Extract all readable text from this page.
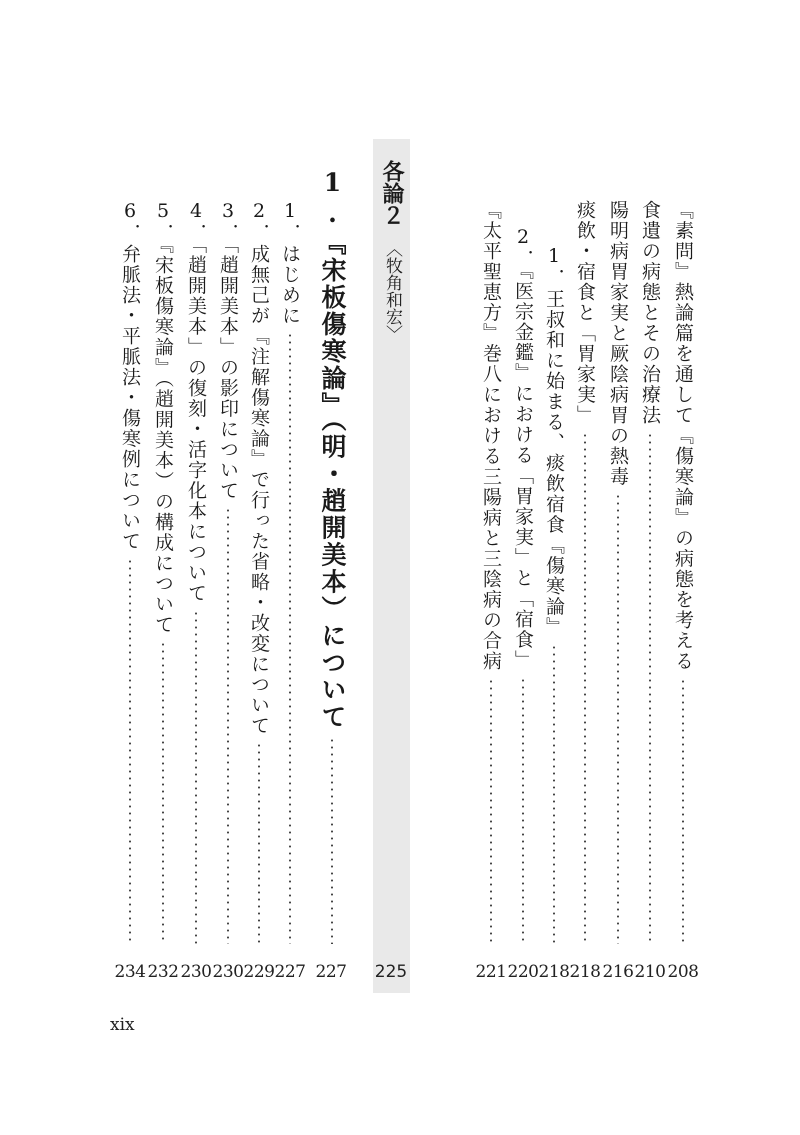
『素問』熱論篇を通して『傷寒論』の病態を考える
208
食遺の病態とその治療法
210
陽明病胃家実と厥陰病胃の熱毒
216
痰飲・宿食と「胃家実」
218
1．王叔和に始まる、痰飲宿食『傷寒論』
218
2．『医宗金鑑』における「胃家実」と「宿食」
220
『太平聖恵方』巻八における三陽病と三陰病の合病
221
各論２
〈牧角和宏〉
225
1.『宋板傷寒論』（明・趙開美本）について
227
1．はじめに
227
2．成無己が『注解傷寒論』で行った省略・改変について
229
3．「趙開美本」の影印について
230
4．「趙開美本」の復刻・活字化本について
230
5．『宋板傷寒論』（趙開美本）の構成について
232
6．弁脈法・平脈法・傷寒例について
234
xix
